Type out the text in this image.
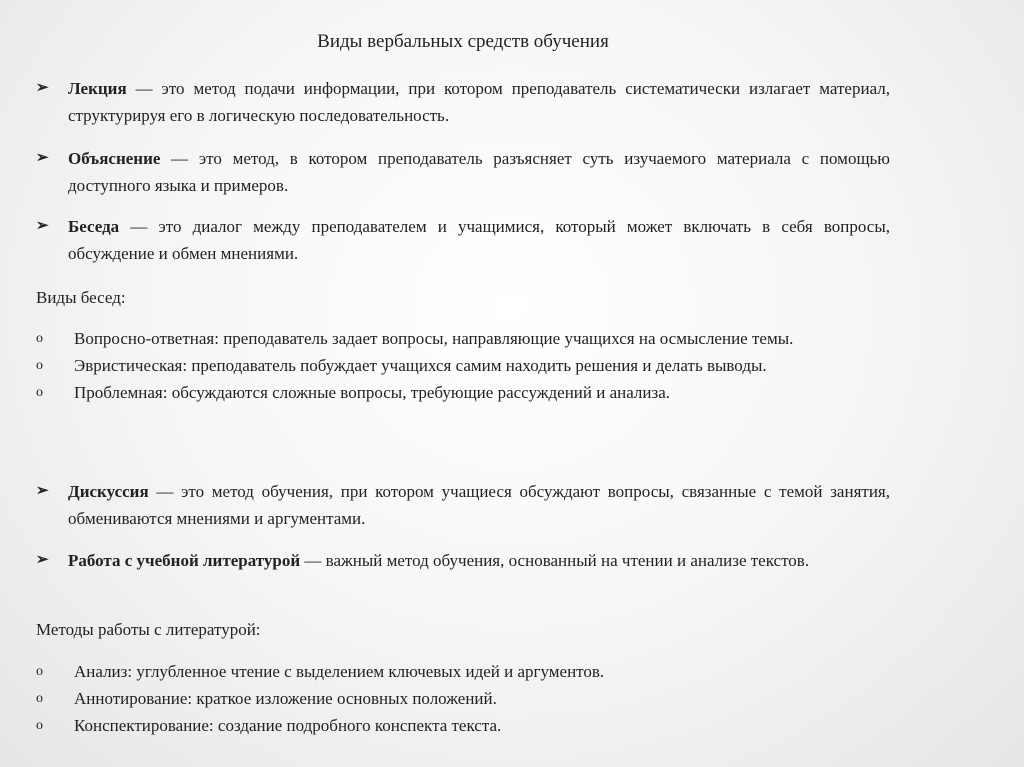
Виды вербальных средств обучения
➢ Лекция — это метод подачи информации, при котором преподаватель систематически излагает материал, структурируя его в логическую последовательность.
➢ Объяснение — это метод, в котором преподаватель разъясняет суть изучаемого материала с помощью доступного языка и примеров.
➢ Беседа — это диалог между преподавателем и учащимися, который может включать в себя вопросы, обсуждение и обмен мнениями.
Виды бесед:
o Вопросно-ответная: преподаватель задает вопросы, направляющие учащихся на осмысление темы.
o Эвристическая: преподаватель побуждает учащихся самим находить решения и делать выводы.
o Проблемная: обсуждаются сложные вопросы, требующие рассуждений и анализа.
➢ Дискуссия — это метод обучения, при котором учащиеся обсуждают вопросы, связанные с темой занятия, обмениваются мнениями и аргументами.
➢ Работа с учебной литературой — важный метод обучения, основанный на чтении и анализе текстов.
Методы работы с литературой:
o Анализ: углубленное чтение с выделением ключевых идей и аргументов.
o Аннотирование: краткое изложение основных положений.
o Конспектирование: создание подробного конспекта текста.
